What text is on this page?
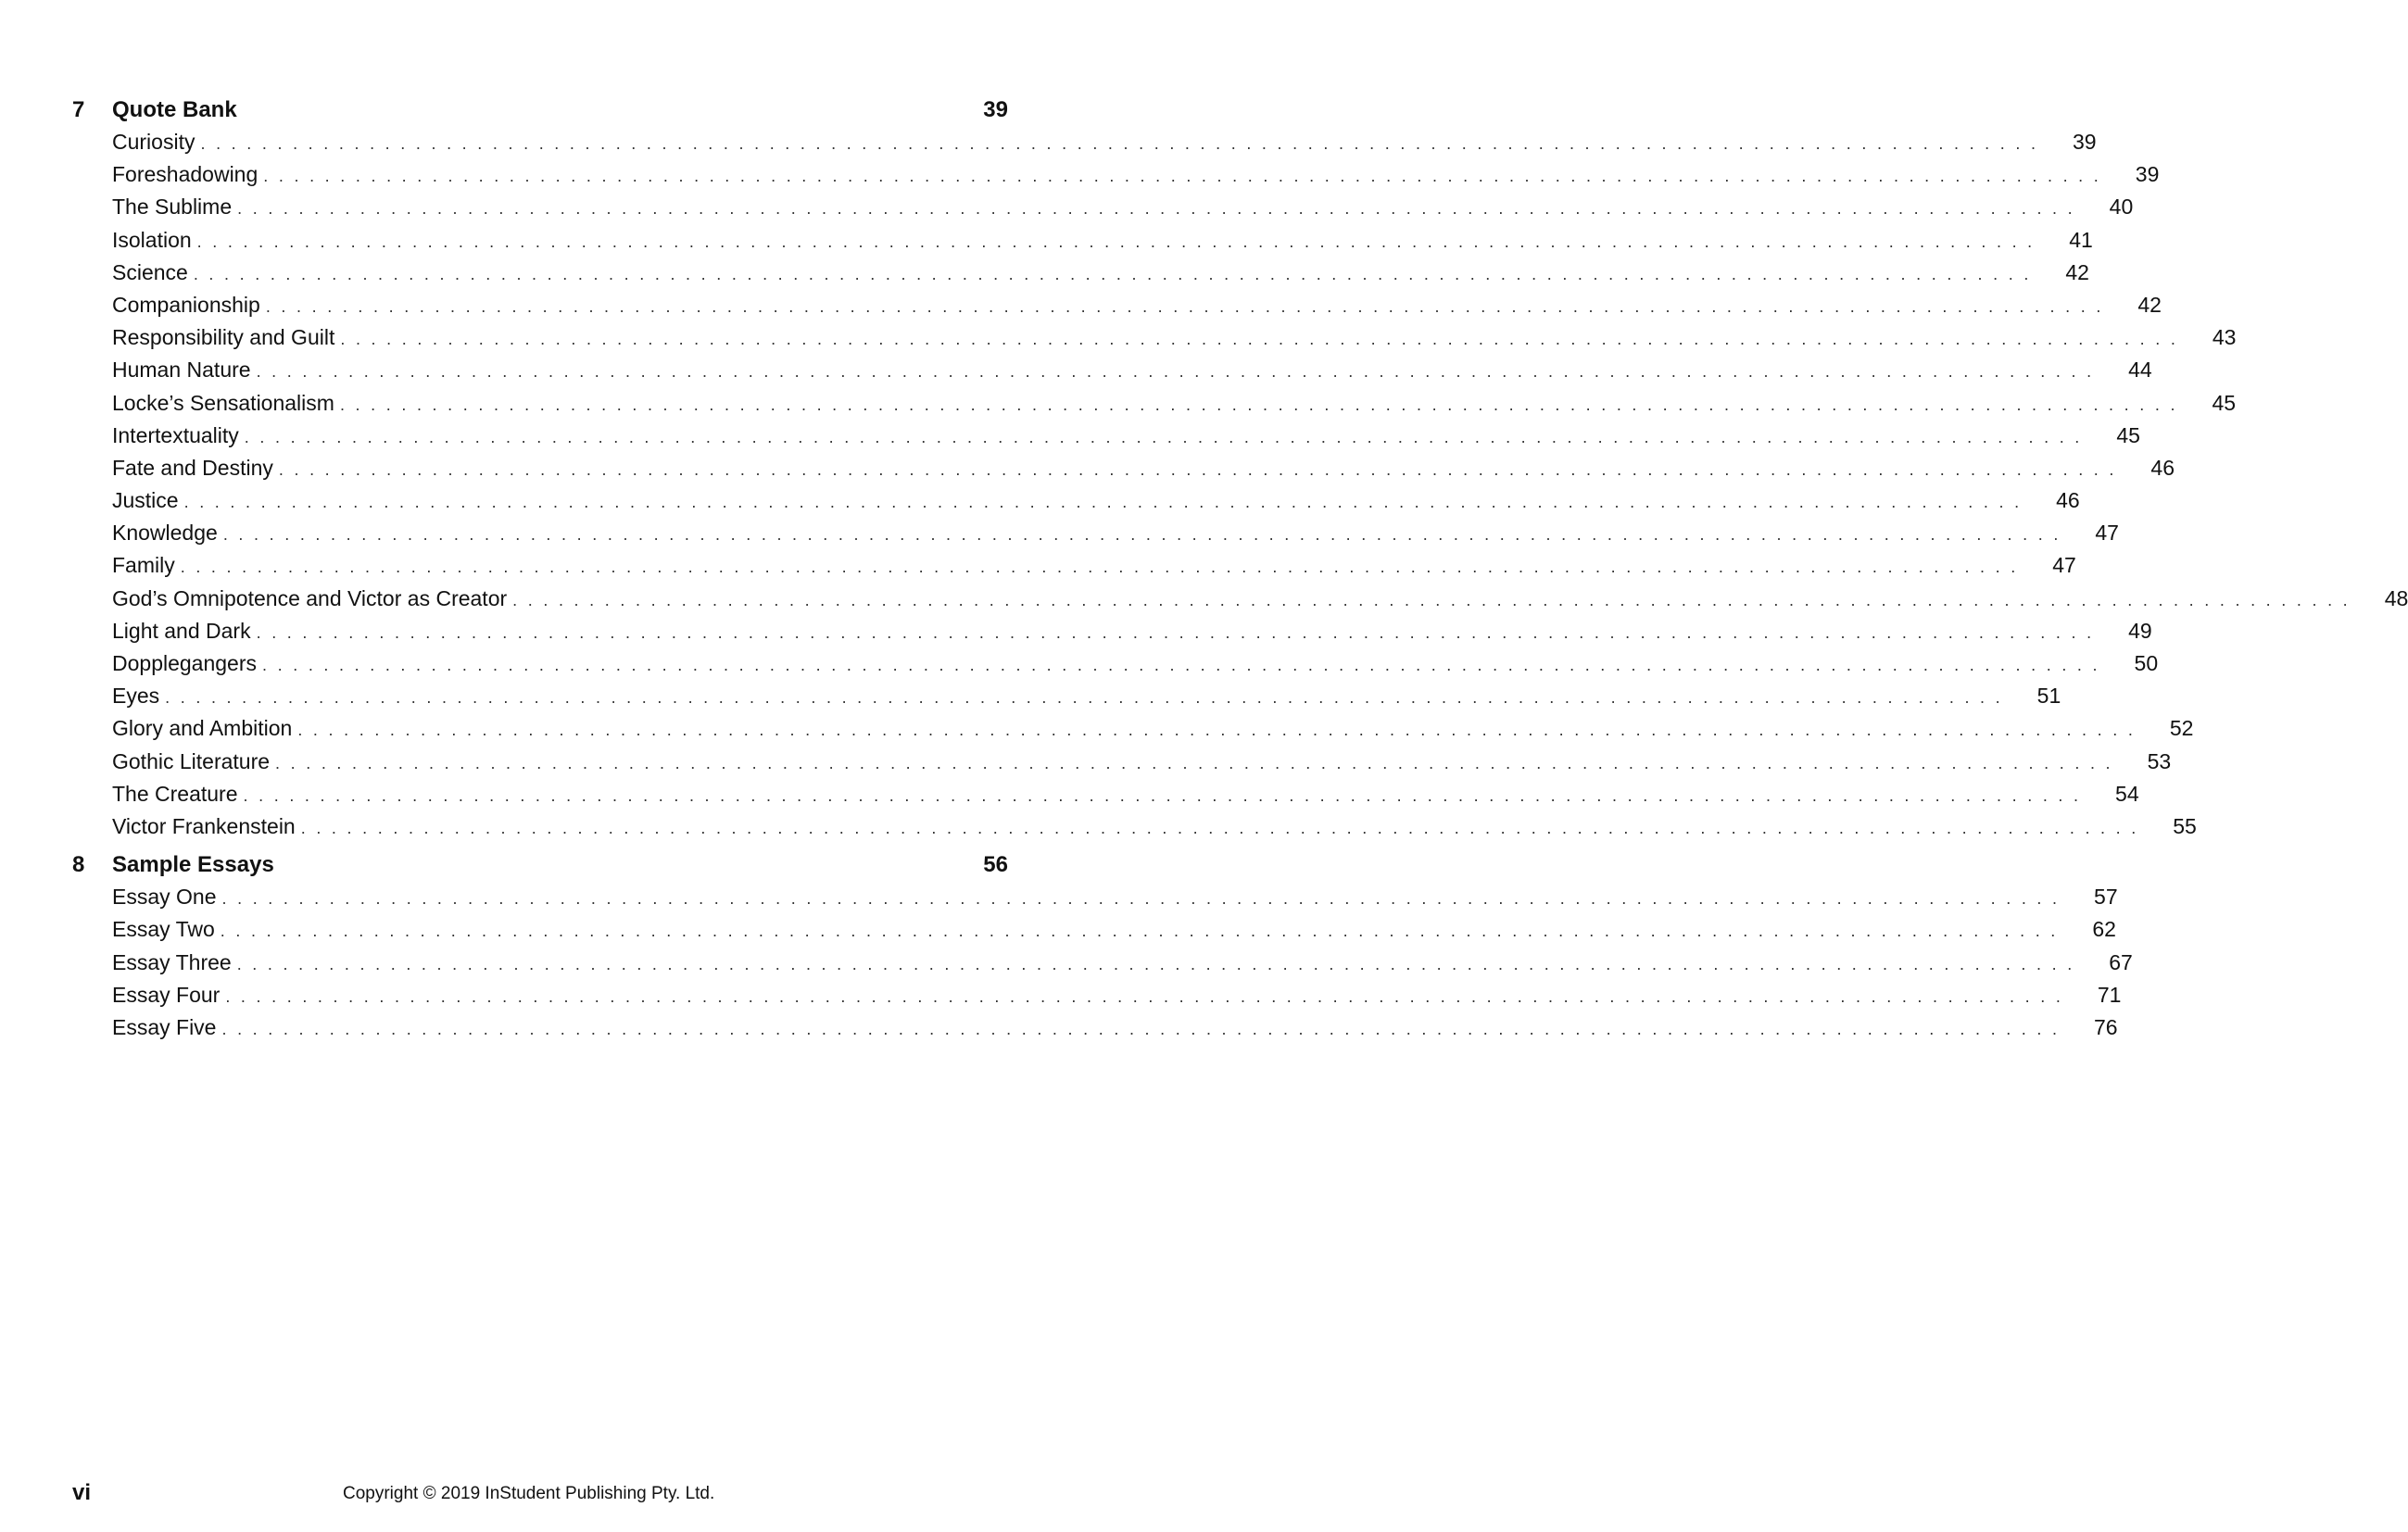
7	Quote Bank	39
Curiosity ........................................................................................................................	39
Foreshadowing ........................................................................................................................	39
The Sublime ........................................................................................................................	40
Isolation ........................................................................................................................	41
Science ........................................................................................................................	42
Companionship ........................................................................................................................	42
Responsibility and Guilt ........................................................................................................................	43
Human Nature ........................................................................................................................	44
Locke’s Sensationalism ........................................................................................................................	45
Intertextuality ........................................................................................................................	45
Fate and Destiny ........................................................................................................................	46
Justice ........................................................................................................................	46
Knowledge ........................................................................................................................	47
Family ........................................................................................................................	47
God’s Omnipotence and Victor as Creator ........................................................................................................................	48
Light and Dark ........................................................................................................................	49
Dopplegangers ........................................................................................................................	50
Eyes ........................................................................................................................	51
Glory and Ambition ........................................................................................................................	52
Gothic Literature ........................................................................................................................	53
The Creature ........................................................................................................................	54
Victor Frankenstein ........................................................................................................................	55
8	Sample Essays	56
Essay One ........................................................................................................................	57
Essay Two ........................................................................................................................	62
Essay Three ........................................................................................................................	67
Essay Four ........................................................................................................................	71
Essay Five ........................................................................................................................	76
vi	Copyright © 2019 InStudent Publishing Pty. Ltd.
